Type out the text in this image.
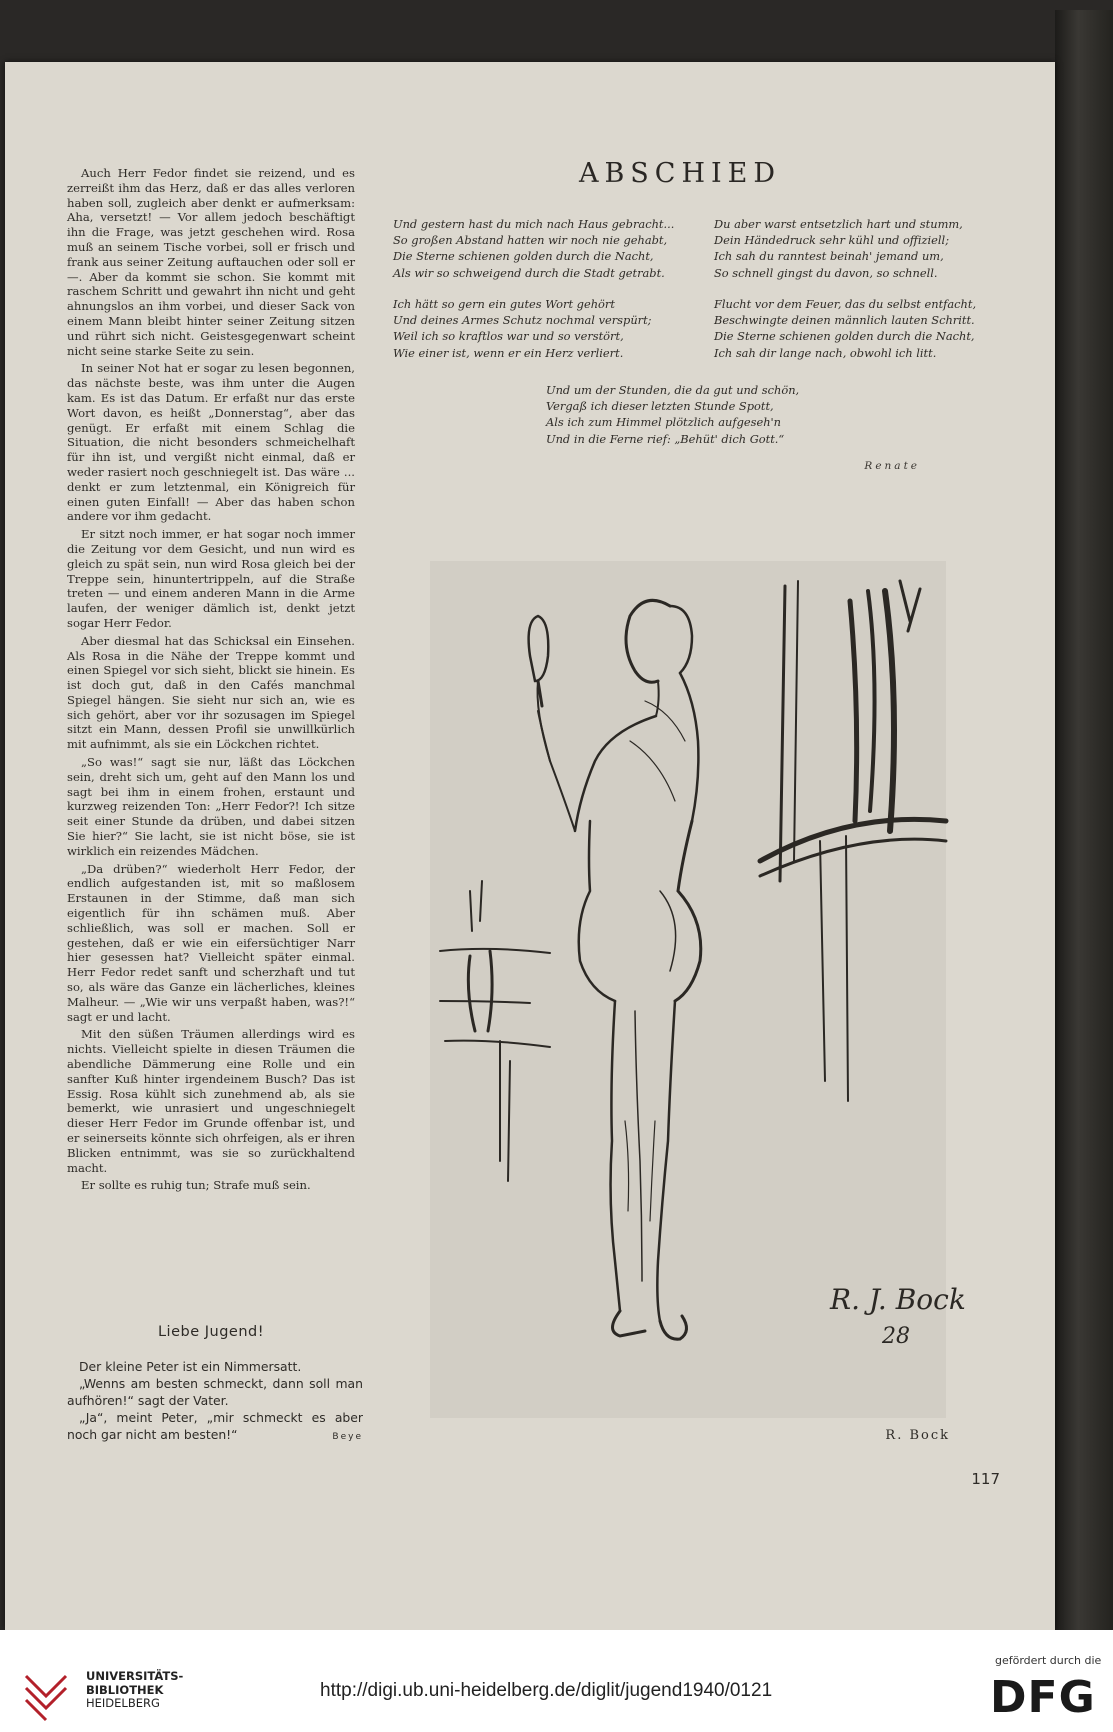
Auch Herr Fedor findet sie reizend, und es zerreißt ihm das Herz, daß er das alles verloren haben soll, zugleich aber denkt er aufmerksam: Aha, versetzt! — Vor allem jedoch beschäftigt ihn die Frage, was jetzt geschehen wird. Rosa muß an seinem Tische vorbei, soll er frisch und frank aus seiner Zeitung auftauchen oder soll er —. Aber da kommt sie schon. Sie kommt mit raschem Schritt und gewahrt ihn nicht und geht ahnungslos an ihm vorbei, und dieser Sack von einem Mann bleibt hinter seiner Zeitung sitzen und rührt sich nicht. Geistesgegenwart scheint nicht seine starke Seite zu sein.

In seiner Not hat er sogar zu lesen begonnen, das nächste beste, was ihm unter die Augen kam. Es ist das Datum. Er erfaßt nur das erste Wort davon, es heißt „Donnerstag“, aber das genügt. Er erfaßt mit einem Schlag die Situation, die nicht besonders schmeichelhaft für ihn ist, und vergißt nicht einmal, daß er weder rasiert noch geschniegelt ist. Das wäre ... denkt er zum letztenmal, ein Königreich für einen guten Einfall! — Aber das haben schon andere vor ihm gedacht.

Er sitzt noch immer, er hat sogar noch immer die Zeitung vor dem Gesicht, und nun wird es gleich zu spät sein, nun wird Rosa gleich bei der Treppe sein, hinuntertrippeln, auf die Straße treten — und einem anderen Mann in die Arme laufen, der weniger dämlich ist, denkt jetzt sogar Herr Fedor.

Aber diesmal hat das Schicksal ein Einsehen. Als Rosa in die Nähe der Treppe kommt und einen Spiegel vor sich sieht, blickt sie hinein. Es ist doch gut, daß in den Cafés manchmal Spiegel hängen. Sie sieht nur sich an, wie es sich gehört, aber vor ihr sozusagen im Spiegel sitzt ein Mann, dessen Profil sie unwillkürlich mit aufnimmt, als sie ein Löckchen richtet.

„So was!“ sagt sie nur, läßt das Löckchen sein, dreht sich um, geht auf den Mann los und sagt bei ihm in einem frohen, erstaunt und kurzweg reizenden Ton: „Herr Fedor?! Ich sitze seit einer Stunde da drüben, und dabei sitzen Sie hier?“ Sie lacht, sie ist nicht böse, sie ist wirklich ein reizendes Mädchen.

„Da drüben?“ wiederholt Herr Fedor, der endlich aufgestanden ist, mit so maßlosem Erstaunen in der Stimme, daß man sich eigentlich für ihn schämen muß. Aber schließlich, was soll er machen. Soll er gestehen, daß er wie ein eifersüchtiger Narr hier gesessen hat? Vielleicht später einmal. Herr Fedor redet sanft und scherzhaft und tut so, als wäre das Ganze ein lächerliches, kleines Malheur. — „Wie wir uns verpaßt haben, was?!“ sagt er und lacht.

Mit den süßen Träumen allerdings wird es nichts. Vielleicht spielte in diesen Träumen die abendliche Dämmerung eine Rolle und ein sanfter Kuß hinter irgendeinem Busch? Das ist Essig. Rosa kühlt sich zunehmend ab, als sie bemerkt, wie unrasiert und ungeschniegelt dieser Herr Fedor im Grunde offenbar ist, und er seinerseits könnte sich ohrfeigen, als er ihren Blicken entnimmt, was sie so zurückhaltend macht.

Er sollte es ruhig tun; Strafe muß sein.

Liebe Jugend!

Der kleine Peter ist ein Nimmersatt.

„Wenns am besten schmeckt, dann soll man aufhören!“ sagt der Vater.

„Ja“, meint Peter, „mir schmeckt es aber noch gar nicht am besten!“	Beye

ABSCHIED
Und gestern hast du mich nach Haus gebracht...
So großen Abstand hatten wir noch nie gehabt,
Die Sterne schienen golden durch die Nacht,
Als wir so schweigend durch die Stadt getrabt.
Ich hätt so gern ein gutes Wort gehört
Und deines Armes Schutz nochmal verspürt;
Weil ich so kraftlos war und so verstört,
Wie einer ist, wenn er ein Herz verliert.
Du aber warst entsetzlich hart und stumm,
Dein Händedruck sehr kühl und offiziell;
Ich sah du ranntest beinah' jemand um,
So schnell gingst du davon, so schnell.
Flucht vor dem Feuer, das du selbst entfacht,
Beschwingte deinen männlich lauten Schritt.
Die Sterne schienen golden durch die Nacht,
Ich sah dir lange nach, obwohl ich litt.
Und um der Stunden, die da gut und schön,
Vergaß ich dieser letzten Stunde Spott,
Als ich zum Himmel plötzlich aufgeseh'n
Und in die Ferne rief: „Behüt' dich Gott.“
Renate
R. J. Bock
28
R. Bock
117
UNIVERSITÄTS-
BIBLIOTHEK
HEIDELBERG
http://digi.ub.uni-heidelberg.de/diglit/jugend1940/0121
gefördert durch die
DFG
